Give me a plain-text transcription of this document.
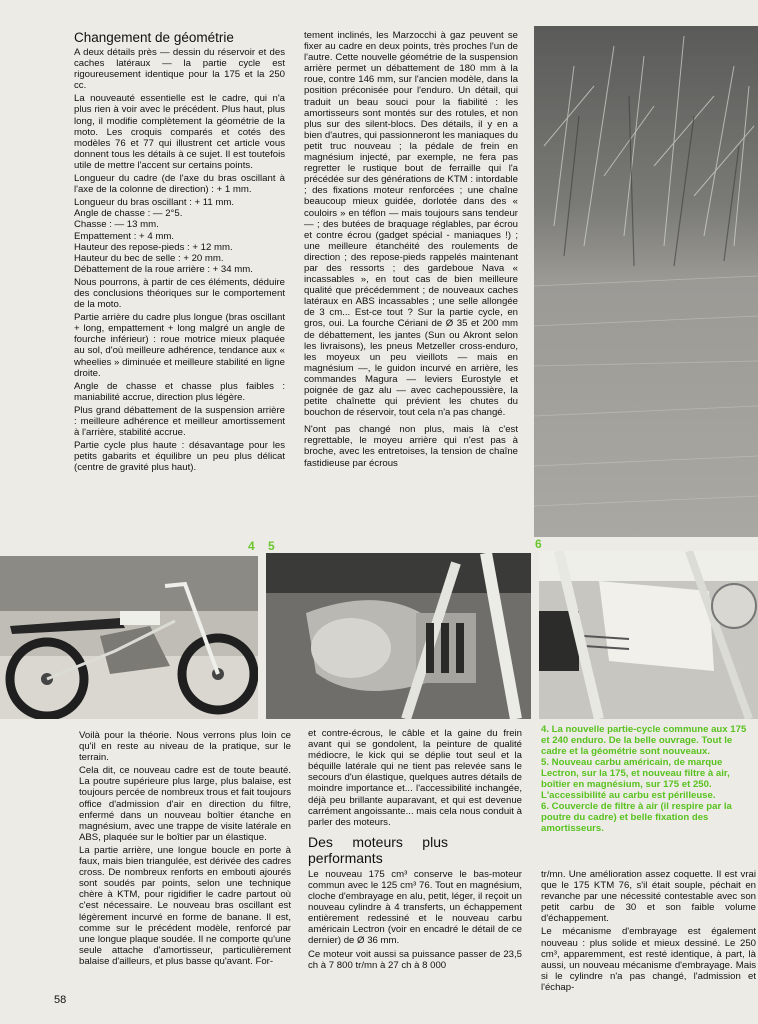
Changement de géométrie

A deux détails près — dessin du réservoir et des caches latéraux — la partie cycle est rigoureusement identique pour la 175 et la 250 cc.

La nouveauté essentielle est le cadre, qui n'a plus rien à voir avec le précédent. Plus haut, plus long, il modifie complètement la géométrie de la moto. Les croquis comparés et cotés des modèles 76 et 77 qui illustrent cet article vous donnent tous les détails à ce sujet. Il est toutefois utile de mettre l'accent sur certains points.

Longueur du cadre (de l'axe du bras oscillant à l'axe de la colonne de direction) : + 1 mm.

Longueur du bras oscillant : + 11 mm.

Angle de chasse : — 2°5.

Chasse : — 13 mm.

Empattement : + 4 mm.

Hauteur des repose-pieds : + 12 mm.

Hauteur du bec de selle : + 20 mm.

Débattement de la roue arrière : + 34 mm.

Nous pourrons, à partir de ces éléments, déduire des conclusions théoriques sur le comportement de la moto.

Partie arrière du cadre plus longue (bras oscillant + long, empattement + long malgré un angle de fourche inférieur) : roue motrice mieux plaquée au sol, d'où meilleure adhérence, tendance aux « wheelies » diminuée et meilleure stabilité en ligne droite.

Angle de chasse et chasse plus faibles : maniabilité accrue, direction plus légère.

Plus grand débattement de la suspension arrière : meilleure adhérence et meilleur amortissement à l'arrière, stabilité accrue.

Partie cycle plus haute : désavantage pour les petits gabarits et équilibre un peu plus délicat (centre de gravité plus haut).

tement inclinés, les Marzocchi à gaz peuvent se fixer au cadre en deux points, très proches l'un de l'autre. Cette nouvelle géométrie de la suspension arrière permet un débattement de 180 mm à la roue, contre 146 mm, sur l'ancien modèle, dans la position préconisée pour l'enduro. Un détail, qui traduit un beau souci pour la fiabilité : les amortisseurs sont montés sur des rotules, et non plus sur des silent-blocs. Des détails, il y en a bien d'autres, qui passionneront les maniaques du petit truc nouveau ; la pédale de frein en magnésium injecté, par exemple, ne fera pas regretter le rustique bout de ferraille qui l'a précédée sur des générations de KTM : intordable ; des fixations moteur renforcées ; une chaîne beaucoup mieux guidée, dorlotée dans des « couloirs » en téflon — mais toujours sans tendeur — ; des butées de braquage réglables, par écrou et contre écrou (gadget spécial - maniaques !) ; une meilleure étanchéité des roulements de direction ; des repose-pieds rappelés maintenant par des ressorts ; des gardeboue Nava « incassables », en tout cas de bien meilleure qualité que précédemment ; de nouveaux caches latéraux en ABS incassables ; une selle allongée de 3 cm... Est-ce tout ? Sur la partie cycle, en gros, oui. La fourche Cériani de Ø 35 et 200 mm de débattement, les jantes (Sun ou Akront selon les livraisons), les pneus Metzeller cross-enduro, les moyeux un peu vieillots — mais en magnésium —, le guidon incurvé en arrière, les commandes Magura — leviers Eurostyle et poignée de gaz alu — avec cachepoussière, la petite chaînette qui prévient les chutes du bouchon de réservoir, tout cela n'a pas changé.

N'ont pas changé non plus, mais là c'est regrettable, le moyeu arrière qui n'est pas à broche, avec les entretoises, la tension de chaîne fastidieuse par écrous

4 5	6

Voilà pour la théorie. Nous verrons plus loin ce qu'il en reste au niveau de la pratique, sur le terrain.

Cela dit, ce nouveau cadre est de toute beauté. La poutre supérieure plus large, plus balaise, est toujours percée de nombreux trous et fait toujours office d'admission d'air en direction du filtre, enfermé dans un nouveau boîtier étanche en magnésium, avec une trappe de visite latérale en ABS, plaquée sur le boîtier par un élastique.

La partie arrière, une longue boucle en porte à faux, mais bien triangulée, est dérivée des cadres cross. De nombreux renforts en embouti ajourés sont soudés par points, selon une technique chère à KTM, pour rigidifier le cadre partout où c'est nécessaire. Le nouveau bras oscillant est légèrement incurvé en forme de banane. Il est, comme sur le précédent modèle, renforcé par une longue plaque soudée. Il ne comporte qu'une seule attache d'amortisseur, particulièrement balaise d'ailleurs, et plus basse qu'avant. For-

et contre-écrous, le câble et la gaine du frein avant qui se gondolent, la peinture de qualité médiocre, le kick qui se déplie tout seul et la béquille latérale qui ne tient pas relevée sans le secours d'un élastique, quelques autres détails de moindre importance et... l'accessibilité inchangée, déjà peu brillante auparavant, et qui est devenue carrément angoissante... mais cela nous conduit à parler des moteurs.

Des moteurs plus performants

Le nouveau 175 cm³ conserve le bas-moteur commun avec le 125 cm³ 76. Tout en magnésium, cloche d'embrayage en alu, petit, léger, il reçoit un nouveau cylindre à 4 transferts, un échappement entièrement redessiné et le nouveau carbu américain Lectron (voir en encadré le détail de ce dernier) de Ø 36 mm.

Ce moteur voit aussi sa puissance passer de 23,5 ch à 7 800 tr/mn à 27 ch à 8 000

4. La nouvelle partie-cycle commune aux 175 et 240 enduro. De la belle ouvrage. Tout le cadre et la géométrie sont nouveaux.

5. Nouveau carbu américain, de marque Lectron, sur la 175, et nouveau filtre à air, boîtier en magnésium, sur 175 et 250. L'accessibilité au carbu est périlleuse.

6. Couvercle de filtre à air (il respire par la poutre du cadre) et belle fixation des amortisseurs.

tr/mn. Une amélioration assez coquette. Il est vrai que le 175 KTM 76, s'il était souple, péchait en revanche par une nécessité contestable avec son petit carbu de 30 et son faible volume d'échappement.

Le mécanisme d'embrayage est également nouveau : plus solide et mieux dessiné. Le 250 cm³, apparemment, est resté identique, à part, là aussi, un nouveau mécanisme d'embrayage. Mais si le cylindre n'a pas changé, l'admission et l'échap-

58
